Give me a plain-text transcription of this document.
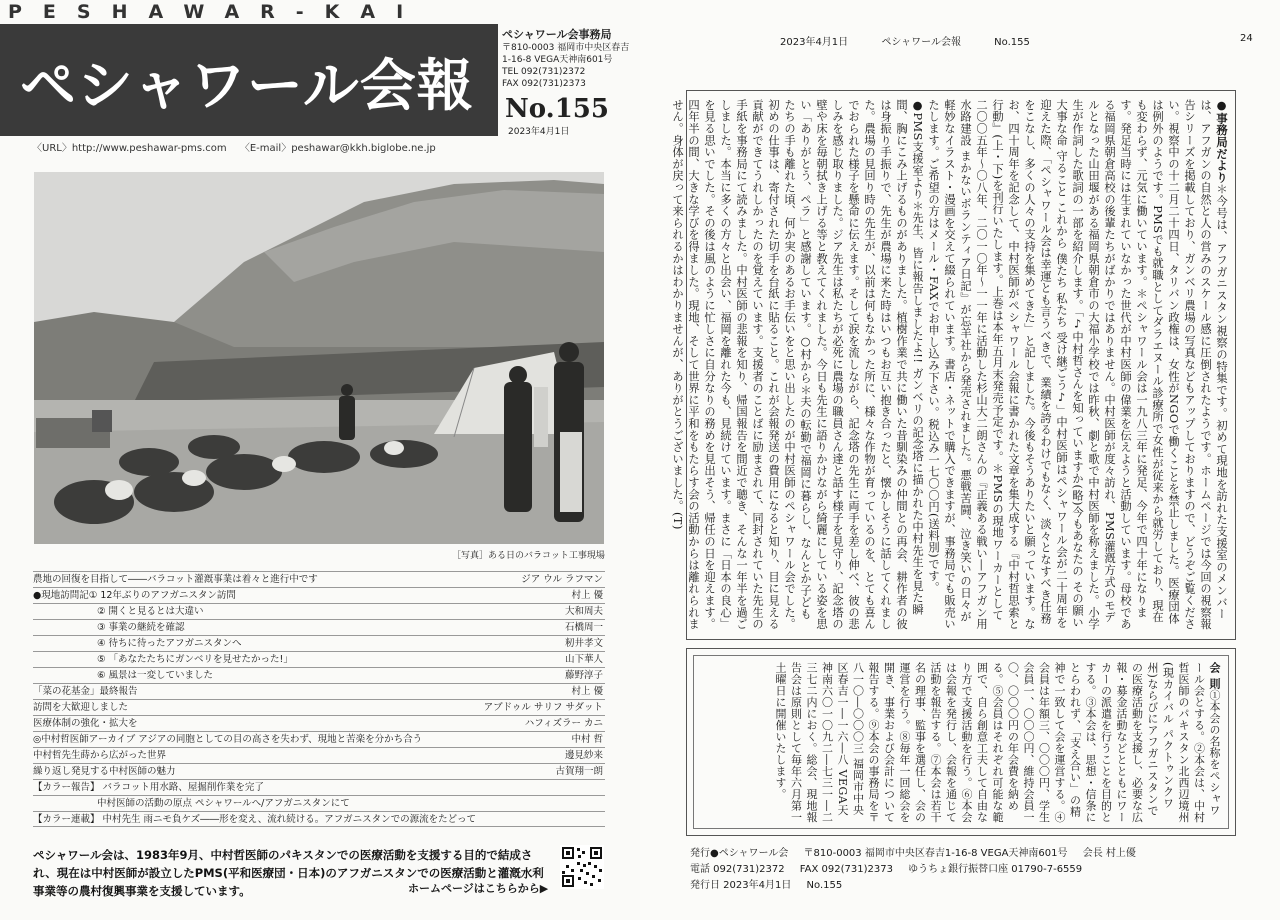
PESHAWAR-KAI
ペシャワール会報
ペシャワール会事務局
〒810-0003 福岡市中央区春吉
1-16-8 VEGA天神南601号
TEL 092(731)2372
FAX 092(731)2373
No.155
2023年4月1日
〈URL〉http://www.peshawar-pms.com 〈E-mail〉peshawar@kkh.biglobe.ne.jp
［写真］ある日のバラコット工事現場
農地の回復を目指して――バラコット灌漑事業は着々と進行中です	ジア ウル ラフマン
●現地訪問記① 12年ぶりのアフガニスタン訪問	村上 優
② 開くと見るとは大違い	大和周夫
③ 事業の継続を確認	石橋周一
④ 待ちに待ったアフガニスタンへ	籾井孝文
⑤ 「あなたたちにガンベリを見せたかった!」	山下華人
⑥ 風景は一変していました	藤野淳子
「菜の花基金」最終報告	村上 優
訪問を大歓迎しました	アブドゥル サリフ サダット
医療体制の強化・拡大を	ハフィズラー カニ
◎中村哲医師アーカイブ アジアの同胞としての目の高さを失わず、現地と苦楽を分かち合う	中村 哲
中村哲先生蒔から広がった世界	邊見紗来
繰り返し発見する中村医師の魅力	古賀翔一朗
【カラー報告】 バラコット用水路、屋掘削作業を完了
中村医師の活動の原点 ペシャワールへ/アフガニスタンにて
【カラー連載】 中村先生 雨ニモ負ケズ――形を変え、流れ続ける。アフガニスタンでの源流をたどって
ペシャワール会は、1983年9月、中村哲医師のパキスタンでの医療活動を支援する目的で結成され、現在は中村医師が設立したPMS(平和医療団・日本)のアフガニスタンでの医療活動と灌漑水利事業等の農村復興事業を支援しています。	ホームページはこちらから▶
2023年4月1日	ペシャワール会報	No.155	24
●事務局だより＊今号は、アフガニスタン視察の特集です。初めて現地を訪れた支援室のメンバーは、アフガンの自然と人の営みのスケール感に圧倒されたようです。ホームページでは今回の視察報告シリーズを掲載しており、ガンベリ農場の写真などもアップしておりますので、どうぞご覧ください。視察中の十二月二十四日、タリバン政権は、女性がNGOで働くことを禁止しました。医療団体は例外のようです。PMSでも就職としてダラエヌール診療所で女性が従来から就労しており、現在も変わらず、元気に働いています。＊ペシャワール会は一九八三年に発足、今年で四十年になります。発足当時には生まれていなかった世代が中村医師の偉業を伝えようと活動しています。母校である福岡県朝倉高校の後輩たちがばかりではありません。中村医師が度々訪れ、PMS灌漑方式のモデルとなった山田堰がある福岡県朝倉市の大福小学校では昨秋、劇と歌で中村医師を称えました。小学生が作詞した歌詞の一部を紹介します。「♪中村哲さんを知っていますか(略)今もあなたの その願い 大事な命 守ること これから 僕たち 私たち 受け継ごう♪」中村医師はペシャワール会が二十周年を迎えた際、「ペシャワール会は幸運とも言うべきで、業績を誇るわけでもなく、淡々となすべき任務をこなし、多くの人々の支持を集めてきた」と記しました。今後もそうありたいと願っています。なお、四十周年を記念して、中村医師がペシャワール会報に書かれた文章を集大成する『中村哲思索と行動』(上・下)を刊行いたします。上巻は本年五月末発売予定です。＊PMSの現地ワーカーとして二〇〇五年〜〇八年、二〇一〇年〜一一年に活動した杉山大二朗さんの『正義ある戦い―アフガン用水路建設 まかないボランティア日記』が忘羊社から発売されました。悪戦苦闘、泣き笑いの日々が軽妙なイラスト・漫画を交えて綴られています。書店・ネットで購入できますが、事務局でも販売いたします。ご希望の方はメール・FAXでお申し込み下さい。税込み一七〇〇円(送料別)です。●PMS支援室より＊先生、皆に報告しましたよ!! ガンベリの記念塔に描かれた中村先生を見た瞬間、胸にこみ上げるものがありました。植樹作業で共に働いた昔馴染みの仲間との再会、耕作者の彼は身振り手振りで、先生が農場に来た時はいつもお互い抱き合ったと、懐かしそうに話してくれました。農場の見回り時の先生が、以前は何もなかった所に、様々な作物が育っているのを、とても喜んでおられた様子を懸命に伝えます。そして涙を流しながら、記念塔の先生に両手を差し伸べ、彼の悲しみを感じ取りました。ジア先生は私たちが必死に農場の職員さん達と話す様子を見守り、記念塔の壁や床を毎朝拭き上げる等と教えてくれました。今日も先生に語りかけながら綺麗にしている姿を思い「ありがとう、ペラ」と感謝しています。○村から＊夫の転勤で福岡に暮らし、なんとか子どもたちの手も離れた頃、何か実のあるお手伝いをと思い出したのが中村医師のペシャワール会でした。初めの仕事は、寄付された切手を台紙に貼ること。これが会報発送の費用になると知り、目に見える貢献ができてうれしかったのを覚えています。支援者のことばに励まされて、同封されていた先生の手紙を事務局にて読みました。中村医師の悲報を知り、帰国報告を間近で聴き、そんな一年半を過ごしました。本当に多くの方々と出会い、福岡を離れた今も、見続けています。まさに「日本の良心」を見る思いでした。その後は風のように忙しさに自分なりの務めを見出そう、帰任の日を迎えます。四年半の間、大きな学びを得ました。現地、そして世界に平和をもたらす会の活動からは離れられません。身体が戻って来られるかはわかりませんが、ありがとうございました。(T)
会 則①本会の名称をペシャワール会とする。②本会は、中村哲医師のパキスタン北西辺境州(現カイバル パクトゥンクワ州)ならびにアフガニスタンでの医療活動を支援し、必要な広報・募金活動などとともにワーカーの派遣を行うことを目的とする。③本会は、思想・信条にとらわれず、「支え合い」の精神で一致して会を運営する。④会員は年額三、〇〇〇円、学生会員一、〇〇〇円、維持会員一〇、〇〇〇円の年会費を納める。⑤会員はそれぞれ可能な範囲で、自ら創意工夫して自由なり方で支援活動を行う。⑥本会は会報を発行し、会報を通じて活動を報告する。⑦本会は若干名の理事、監事を選任し、会の運営を行う。⑧毎年一回総会を開き、事業および会計について報告する。⑨本会の事務局を〒八一〇―〇〇〇三 福岡市中央区春吉一―一六―八 VEGA天神南六〇一〇九二―七三一―二三七二内におく。総会、現地報告会は原則として毎年六月第一土曜日に開催いたします。
発行●ペシャワール会 〒810-0003 福岡市中央区春吉1-16-8 VEGA天神南601号 会長 村上優
電話 092(731)2372 FAX 092(731)2373 ゆうちょ銀行振替口座 01790-7-6559
発行日 2023年4月1日 No.155
